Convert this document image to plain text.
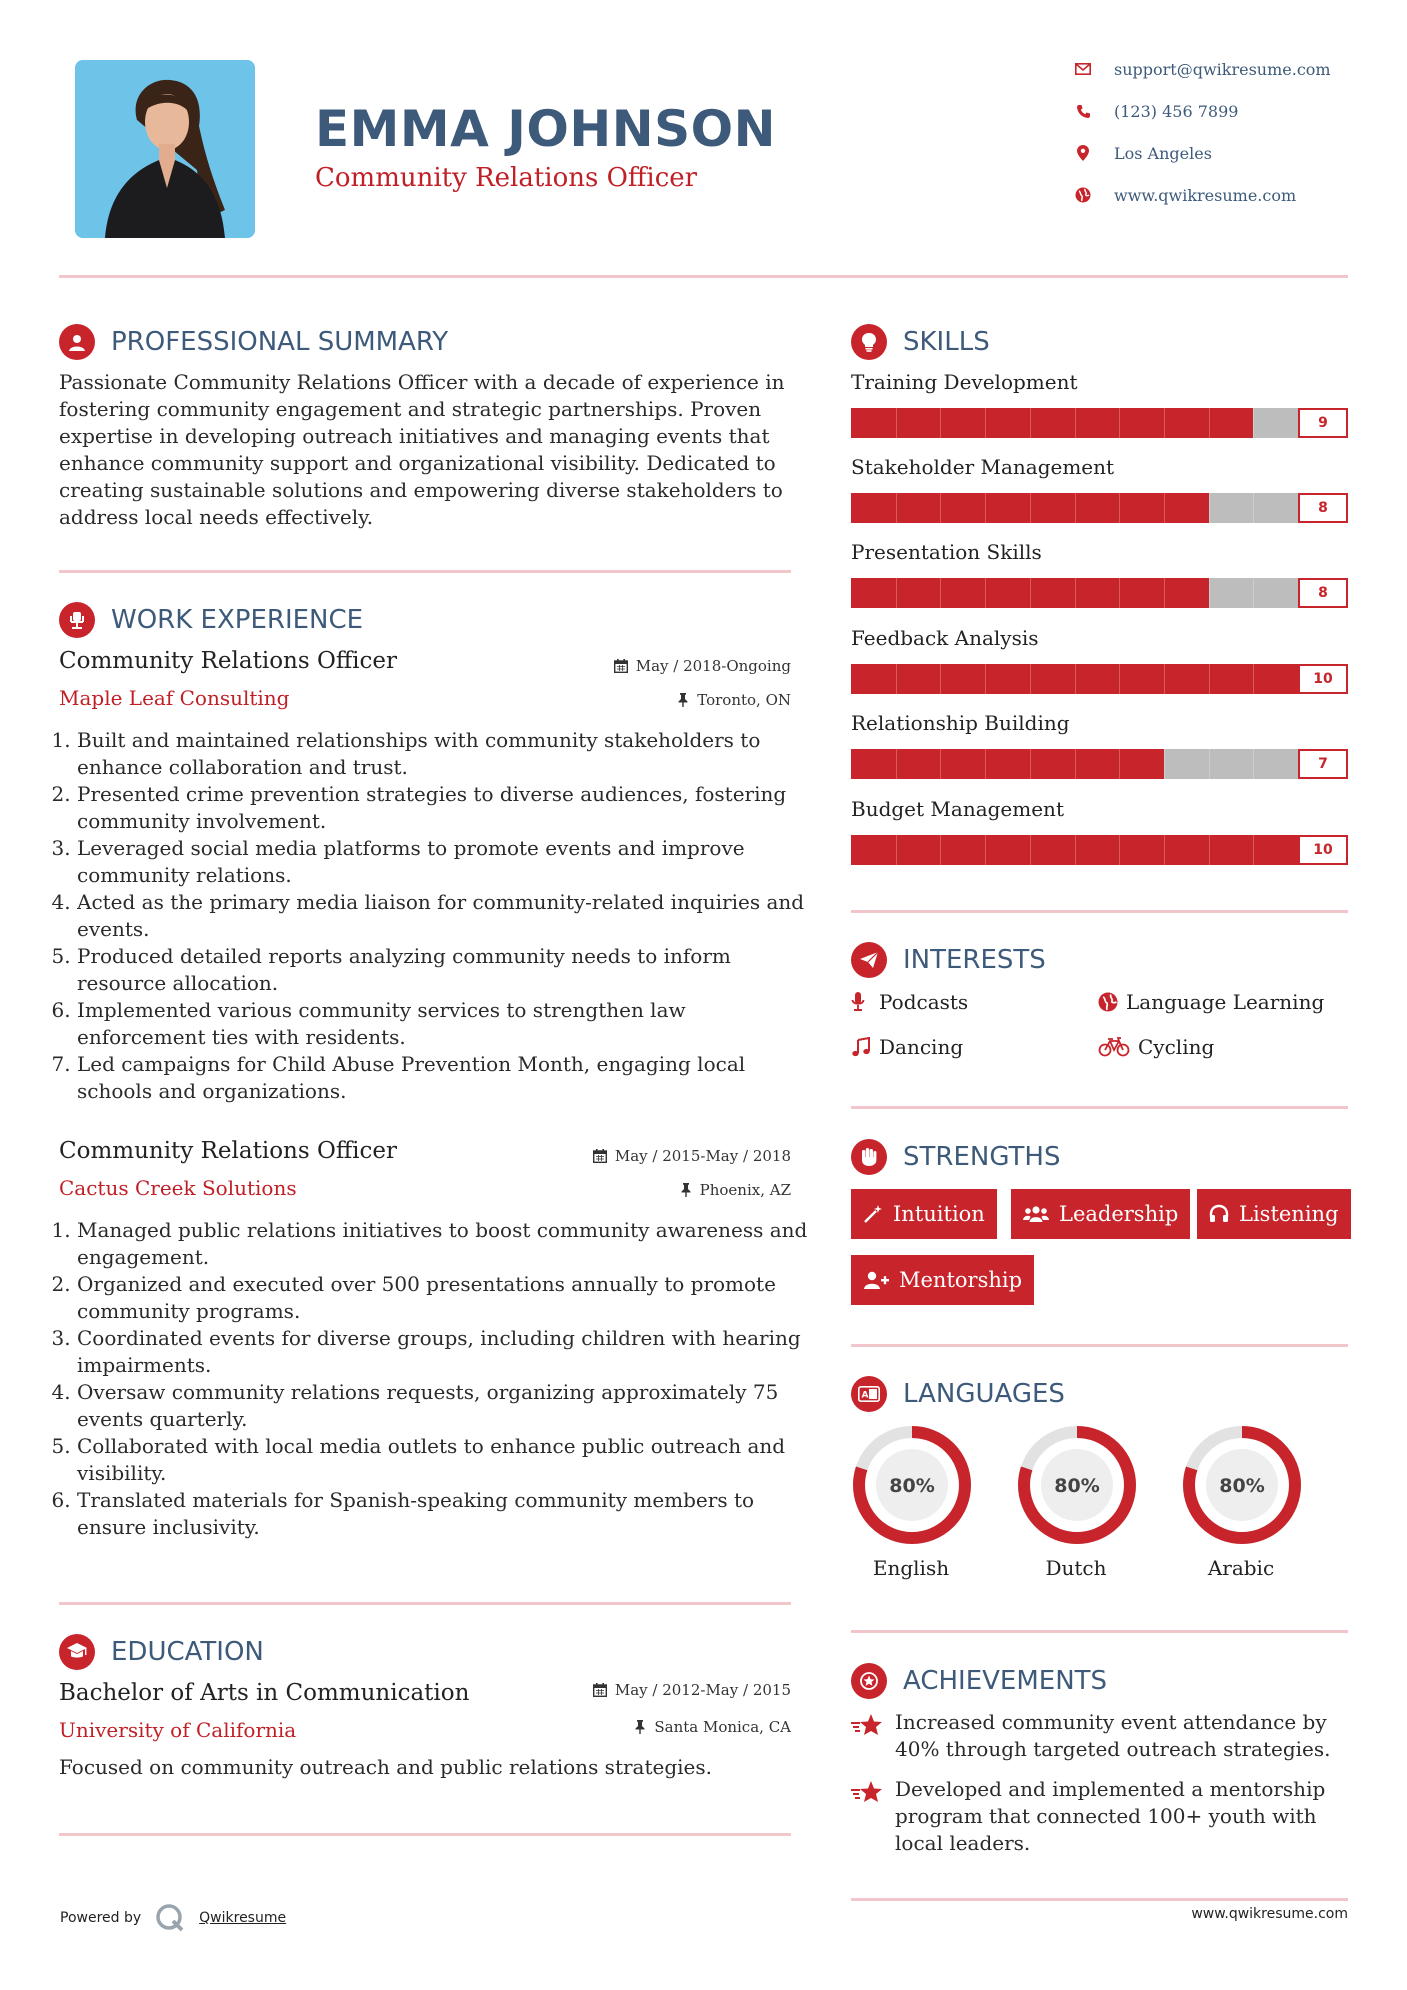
EMMA JOHNSON
Community Relations Officer
support@qwikresume.com
(123) 456 7899
Los Angeles
www.qwikresume.com
PROFESSIONAL SUMMARY
Passionate Community Relations Officer with a decade of experience in fostering community engagement and strategic partnerships. Proven expertise in developing outreach initiatives and managing events that enhance community support and organizational visibility. Dedicated to creating sustainable solutions and empowering diverse stakeholders to address local needs effectively.
WORK EXPERIENCE
Community Relations Officer	May / 2018-Ongoing
Maple Leaf Consulting	Toronto, ON
1. Built and maintained relationships with community stakeholders to enhance collaboration and trust.
2. Presented crime prevention strategies to diverse audiences, fostering community involvement.
3. Leveraged social media platforms to promote events and improve community relations.
4. Acted as the primary media liaison for community-related inquiries and events.
5. Produced detailed reports analyzing community needs to inform resource allocation.
6. Implemented various community services to strengthen law enforcement ties with residents.
7. Led campaigns for Child Abuse Prevention Month, engaging local schools and organizations.
Community Relations Officer	May / 2015-May / 2018
Cactus Creek Solutions	Phoenix, AZ
1. Managed public relations initiatives to boost community awareness and engagement.
2. Organized and executed over 500 presentations annually to promote community programs.
3. Coordinated events for diverse groups, including children with hearing impairments.
4. Oversaw community relations requests, organizing approximately 75 events quarterly.
5. Collaborated with local media outlets to enhance public outreach and visibility.
6. Translated materials for Spanish-speaking community members to ensure inclusivity.
EDUCATION
Bachelor of Arts in Communication	May / 2012-May / 2015
University of California	Santa Monica, CA
Focused on community outreach and public relations strategies.
SKILLS
Training Development
9
Stakeholder Management
8
Presentation Skills
8
Feedback Analysis
10
Relationship Building
7
Budget Management
10
INTERESTS
Podcasts	Language Learning
Dancing	Cycling
STRENGTHS
Intuition	Leadership	Listening
Mentorship
A LANGUAGES
80%
English
80%
Dutch
80%
Arabic
ACHIEVEMENTS
Increased community event attendance by 40% through targeted outreach strategies.
Developed and implemented a mentorship program that connected 100+ youth with local leaders.
Powered by	Qwikresume	www.qwikresume.com
